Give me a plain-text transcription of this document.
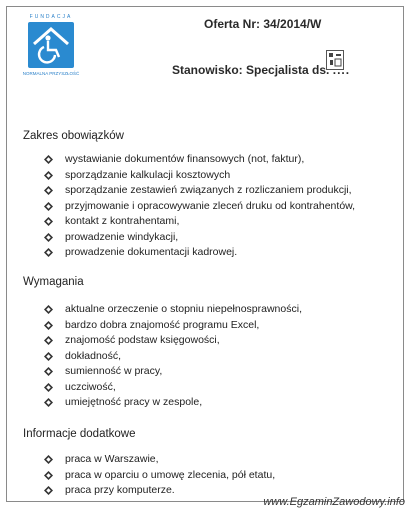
FUNDACJA
NORMALNA PRZYSZŁOŚĆ
Oferta Nr: 34/2014/W
Stanowisko: Specjalista ds. ....
Zakres obowiązków
wystawianie dokumentów finansowych (not, faktur),
sporządzanie kalkulacji kosztowych
sporządzanie zestawień związanych z rozliczaniem produkcji,
przyjmowanie i opracowywanie zleceń druku od kontrahentów,
kontakt z kontrahentami,
prowadzenie windykacji,
prowadzenie dokumentacji kadrowej.
Wymagania
aktualne orzeczenie o stopniu niepełnosprawności,
bardzo dobra znajomość programu Excel,
znajomość podstaw księgowości,
dokładność,
sumienność w pracy,
uczciwość,
umiejętność pracy w zespole,
Informacje dodatkowe
praca w Warszawie,
praca w oparciu o umowę zlecenia, pół etatu,
praca przy komputerze.
www.EgzaminZawodowy.info
